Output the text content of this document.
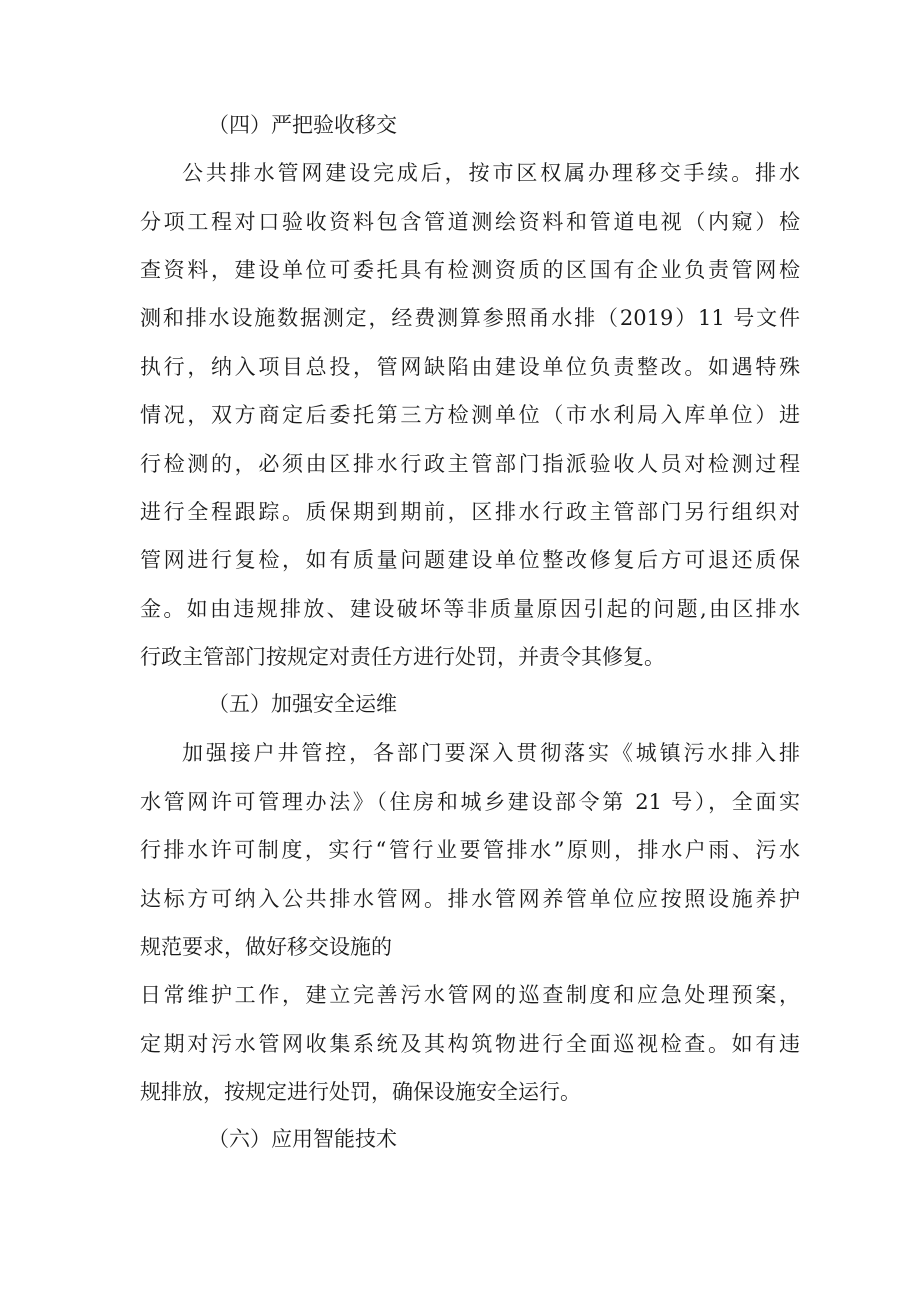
（四）严把验收移交
公共排水管网建设完成后，按市区权属办理移交手续。排水
分项工程对口验收资料包含管道测绘资料和管道电视（内窥）检
查资料，建设单位可委托具有检测资质的区国有企业负责管网检
测和排水设施数据测定，经费测算参照甬水排（2019）11 号文件
执行，纳入项目总投，管网缺陷由建设单位负责整改。如遇特殊
情况，双方商定后委托第三方检测单位（市水利局入库单位）进
行检测的，必须由区排水行政主管部门指派验收人员对检测过程
进行全程跟踪。质保期到期前，区排水行政主管部门另行组织对
管网进行复检，如有质量问题建设单位整改修复后方可退还质保
金。如由违规排放、建设破坏等非质量原因引起的问题,由区排水
行政主管部门按规定对责任方进行处罚，并责令其修复。
（五）加强安全运维
加强接户井管控，各部门要深入贯彻落实《城镇污水排入排
水管网许可管理办法》（住房和城乡建设部令第 21 号），全面实
行排水许可制度，实行“管行业要管排水”原则，排水户雨、污水
达标方可纳入公共排水管网。排水管网养管单位应按照设施养护
规范要求，做好移交设施的
日常维护工作，建立完善污水管网的巡查制度和应急处理预案，
定期对污水管网收集系统及其构筑物进行全面巡视检查。如有违
规排放，按规定进行处罚，确保设施安全运行。
（六）应用智能技术
